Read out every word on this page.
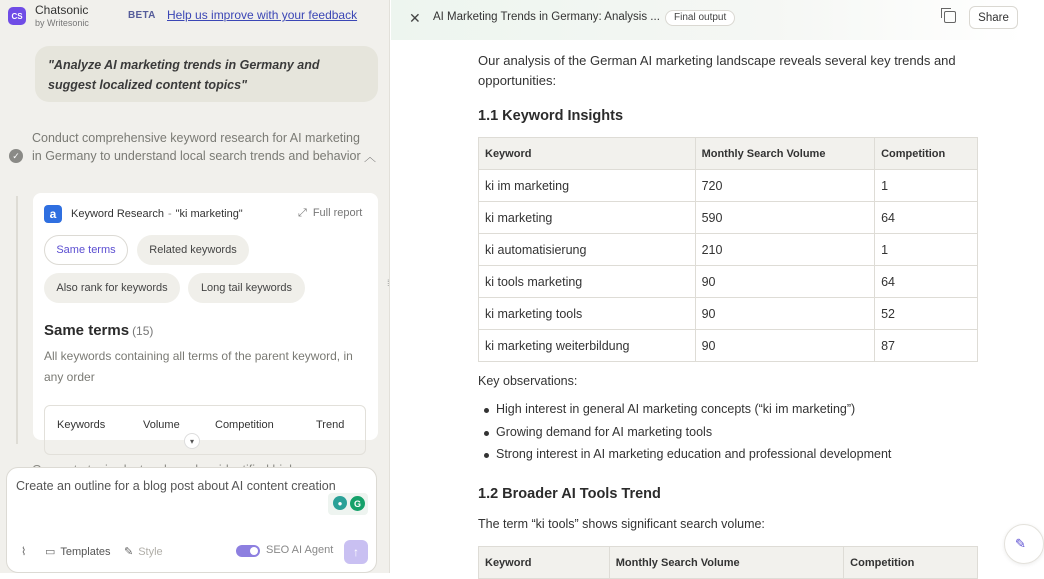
CS Chatsonic
by Writesonic
BETA Help us improve with your feedback
"Analyze AI marketing trends in Germany and suggest localized content topics"
✓
Conduct comprehensive keyword research for AI marketing in Germany to understand local search trends and behavior ︿
a	Keyword Research - "ki marketing"	⤢ Full report
Same terms	Related keywords
Also rank for keywords	Long tail keywords
Same terms (15)
All keywords containing all terms of the parent keyword, in any order
Keywords	Volume	Competition	Trend
▾
Create an outline for a blog post about AI content creation
●	G
⌇ ▭ Templates ✎ Style	SEO AI Agent ↑
⁞
✕ AI Marketing Trends in Germany: Analysis ...	Final output	Share
Our analysis of the German AI marketing landscape reveals several key trends and opportunities:
1.1 Keyword Insights
Keyword	Monthly Search Volume	Competition
ki im marketing	720	1
ki marketing	590	64
ki automatisierung	210	1
ki tools marketing	90	64
ki marketing tools	90	52
ki marketing weiterbildung	90	87
Key observations:
High interest in general AI marketing concepts (“ki im marketing”)
Growing demand for AI marketing tools
Strong interest in AI marketing education and professional development
1.2 Broader AI Tools Trend
The term “ki tools” shows significant search volume:
Keyword	Monthly Search Volume	Competition
✎
